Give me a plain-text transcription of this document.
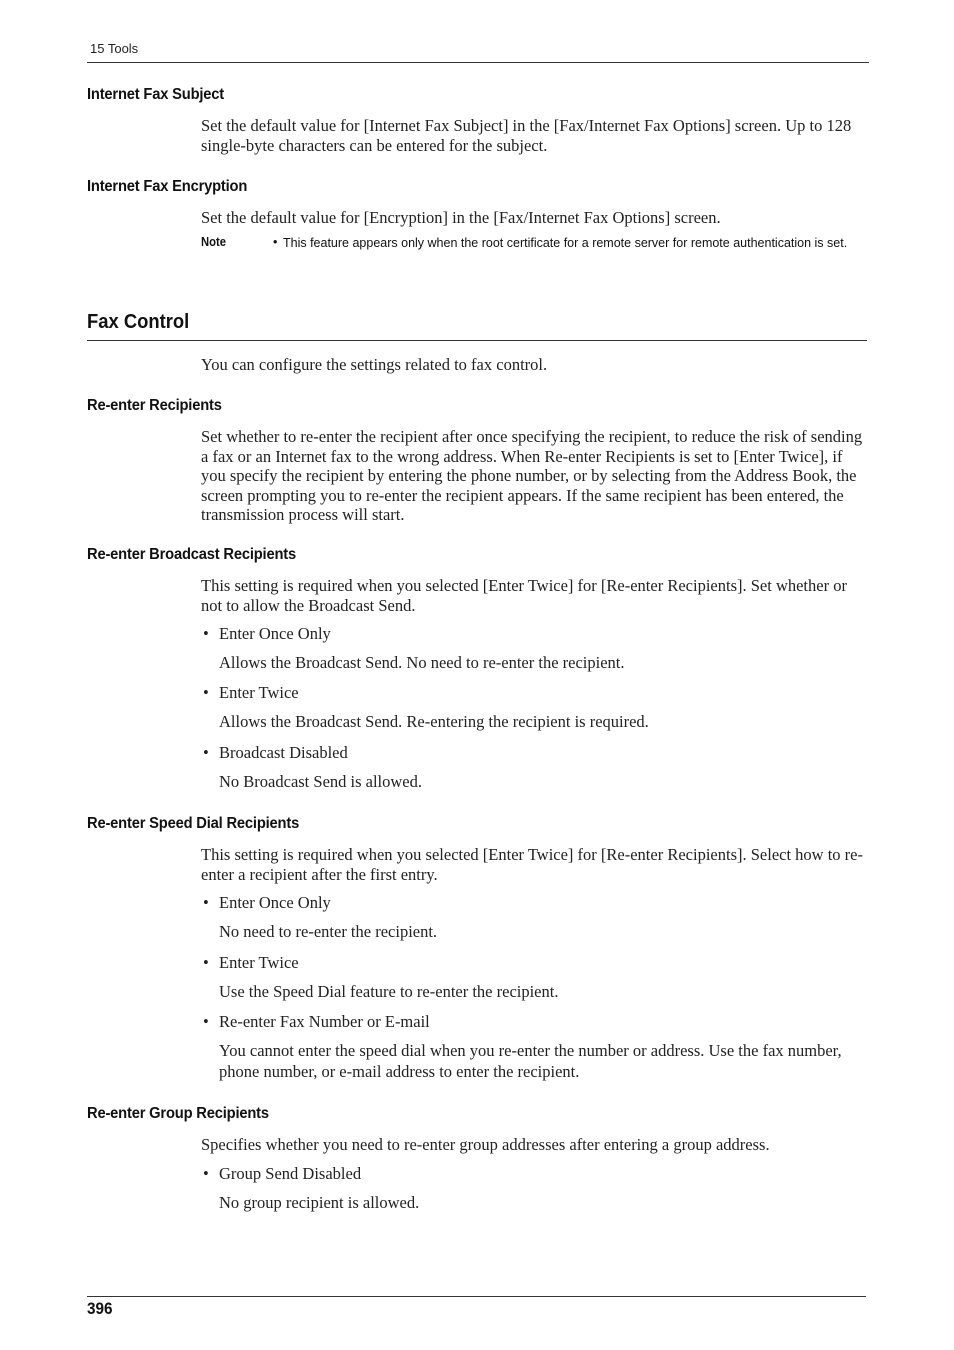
15 Tools
Internet Fax Subject
Set the default value for [Internet Fax Subject] in the [Fax/Internet Fax Options] screen. Up to 128 single-byte characters can be entered for the subject.
Internet Fax Encryption
Set the default value for [Encryption] in the [Fax/Internet Fax Options] screen.
Note	• This feature appears only when the root certificate for a remote server for remote authentication is set.
Fax Control
You can configure the settings related to fax control.
Re-enter Recipients
Set whether to re-enter the recipient after once specifying the recipient, to reduce the risk of sending a fax or an Internet fax to the wrong address. When Re-enter Recipients is set to [Enter Twice], if you specify the recipient by entering the phone number, or by selecting from the Address Book, the screen prompting you to re-enter the recipient appears. If the same recipient has been entered, the transmission process will start.
Re-enter Broadcast Recipients
This setting is required when you selected [Enter Twice] for [Re-enter Recipients]. Set whether or not to allow the Broadcast Send.
• Enter Once Only
Allows the Broadcast Send. No need to re-enter the recipient.
• Enter Twice
Allows the Broadcast Send. Re-entering the recipient is required.
• Broadcast Disabled
No Broadcast Send is allowed.
Re-enter Speed Dial Recipients
This setting is required when you selected [Enter Twice] for [Re-enter Recipients]. Select how to re-enter a recipient after the first entry.
• Enter Once Only
No need to re-enter the recipient.
• Enter Twice
Use the Speed Dial feature to re-enter the recipient.
• Re-enter Fax Number or E-mail
You cannot enter the speed dial when you re-enter the number or address. Use the fax number, phone number, or e-mail address to enter the recipient.
Re-enter Group Recipients
Specifies whether you need to re-enter group addresses after entering a group address.
• Group Send Disabled
No group recipient is allowed.
396
